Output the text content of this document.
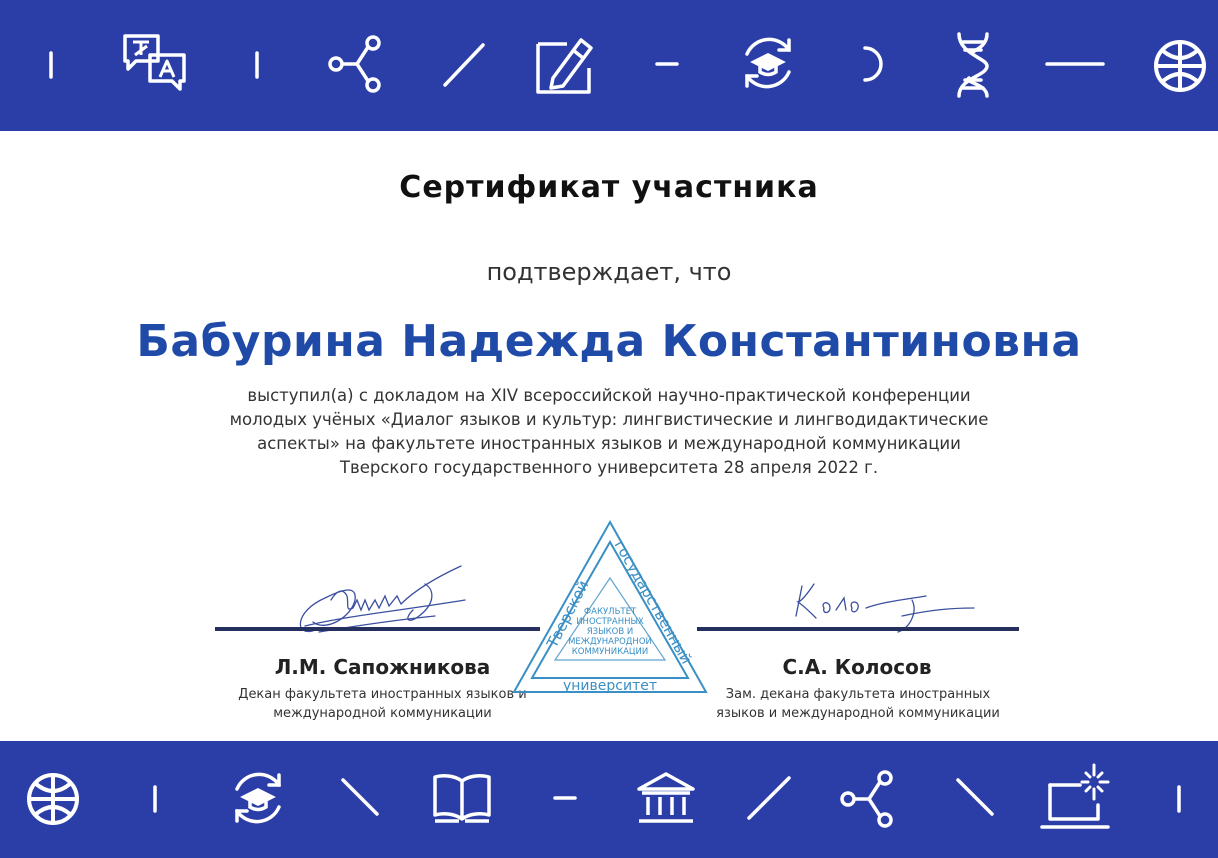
Сертификат участника
подтверждает, что
Бабурина Надежда Константиновна
выступил(а) с докладом на XIV всероссийской научно-практической конференции
молодых учёных «Диалог языков и культур: лингвистические и лингводидактические
аспекты» на факультете иностранных языков и международной коммуникации
Тверского государственного университета 28 апреля 2022 г.
Л.М. Сапожникова
Декан факультета иностранных языков и
международной коммуникации
С.А. Колосов
Зам. декана факультета иностранных
языков и международной коммуникации
Тверской
государственный
университет
ФАКУЛЬТЕТ
ИНОСТРАННЫХ
ЯЗЫКОВ И
МЕЖДУНАРОДНОЙ
КОММУНИКАЦИИ
